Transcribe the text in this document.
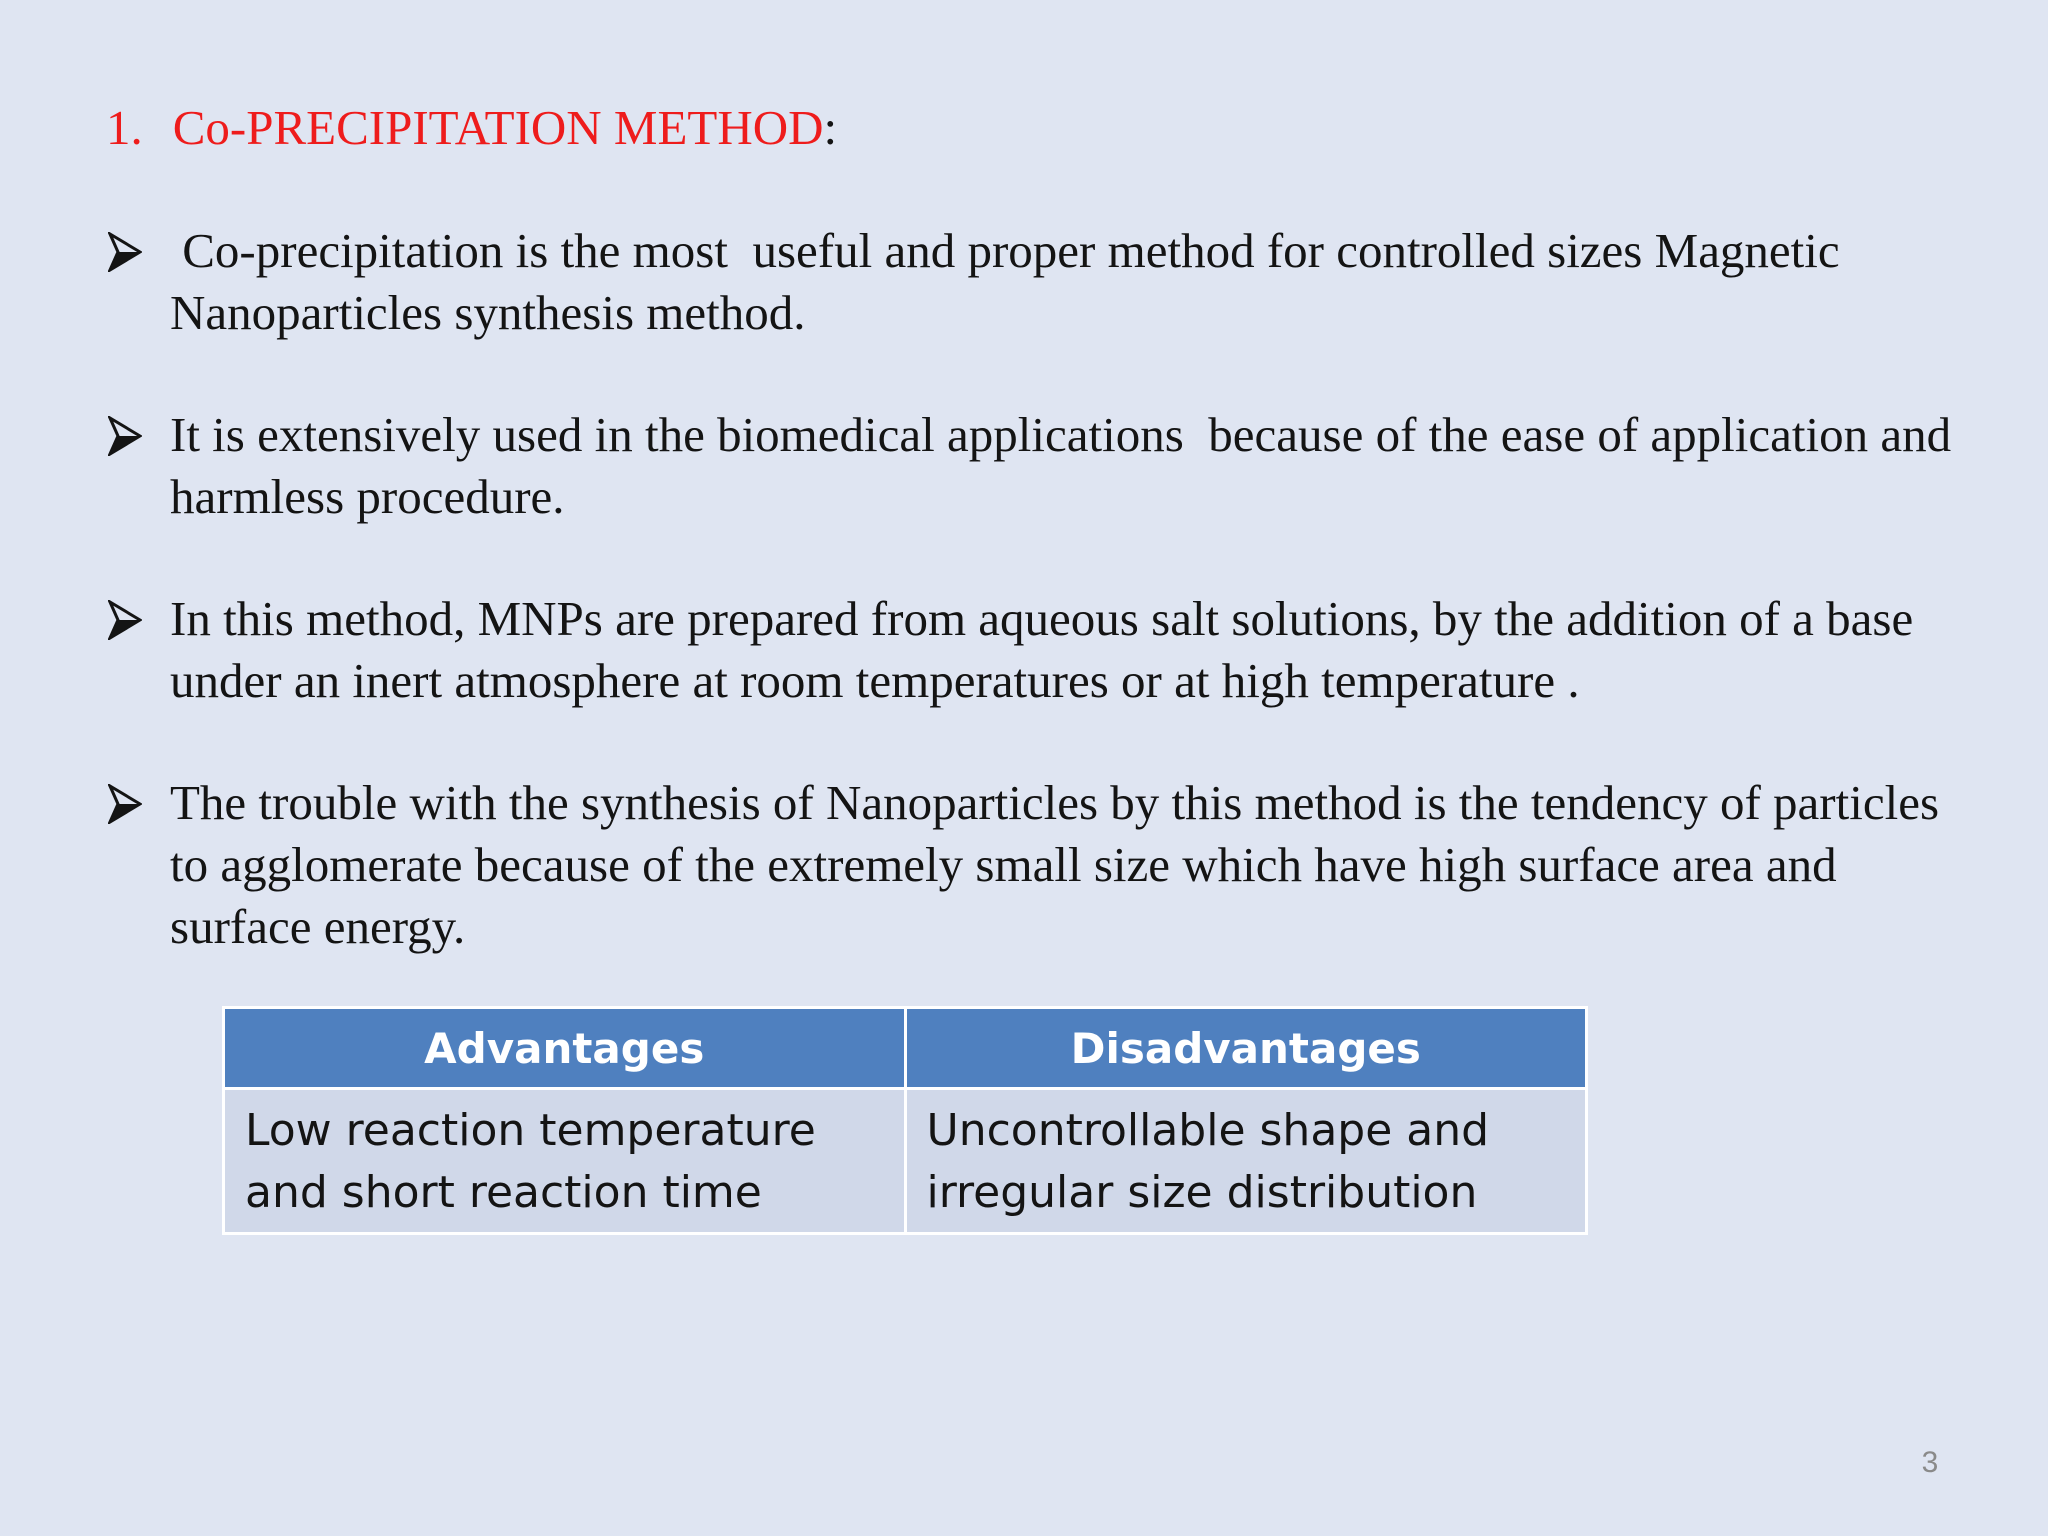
1. Co-PRECIPITATION METHOD:
Co-precipitation is the most  useful and proper method for controlled sizes Magnetic Nanoparticles synthesis method.
It is extensively used in the biomedical applications  because of the ease of application and harmless procedure.
In this method, MNPs are prepared from aqueous salt solutions, by the addition of a base under an inert atmosphere at room temperatures or at high temperature .
The trouble with the synthesis of Nanoparticles by this method is the tendency of particles to agglomerate because of the extremely small size which have high surface area and surface energy.
Advantages	Disadvantages
Low reaction temperature and short reaction time	Uncontrollable shape and irregular size distribution
3
